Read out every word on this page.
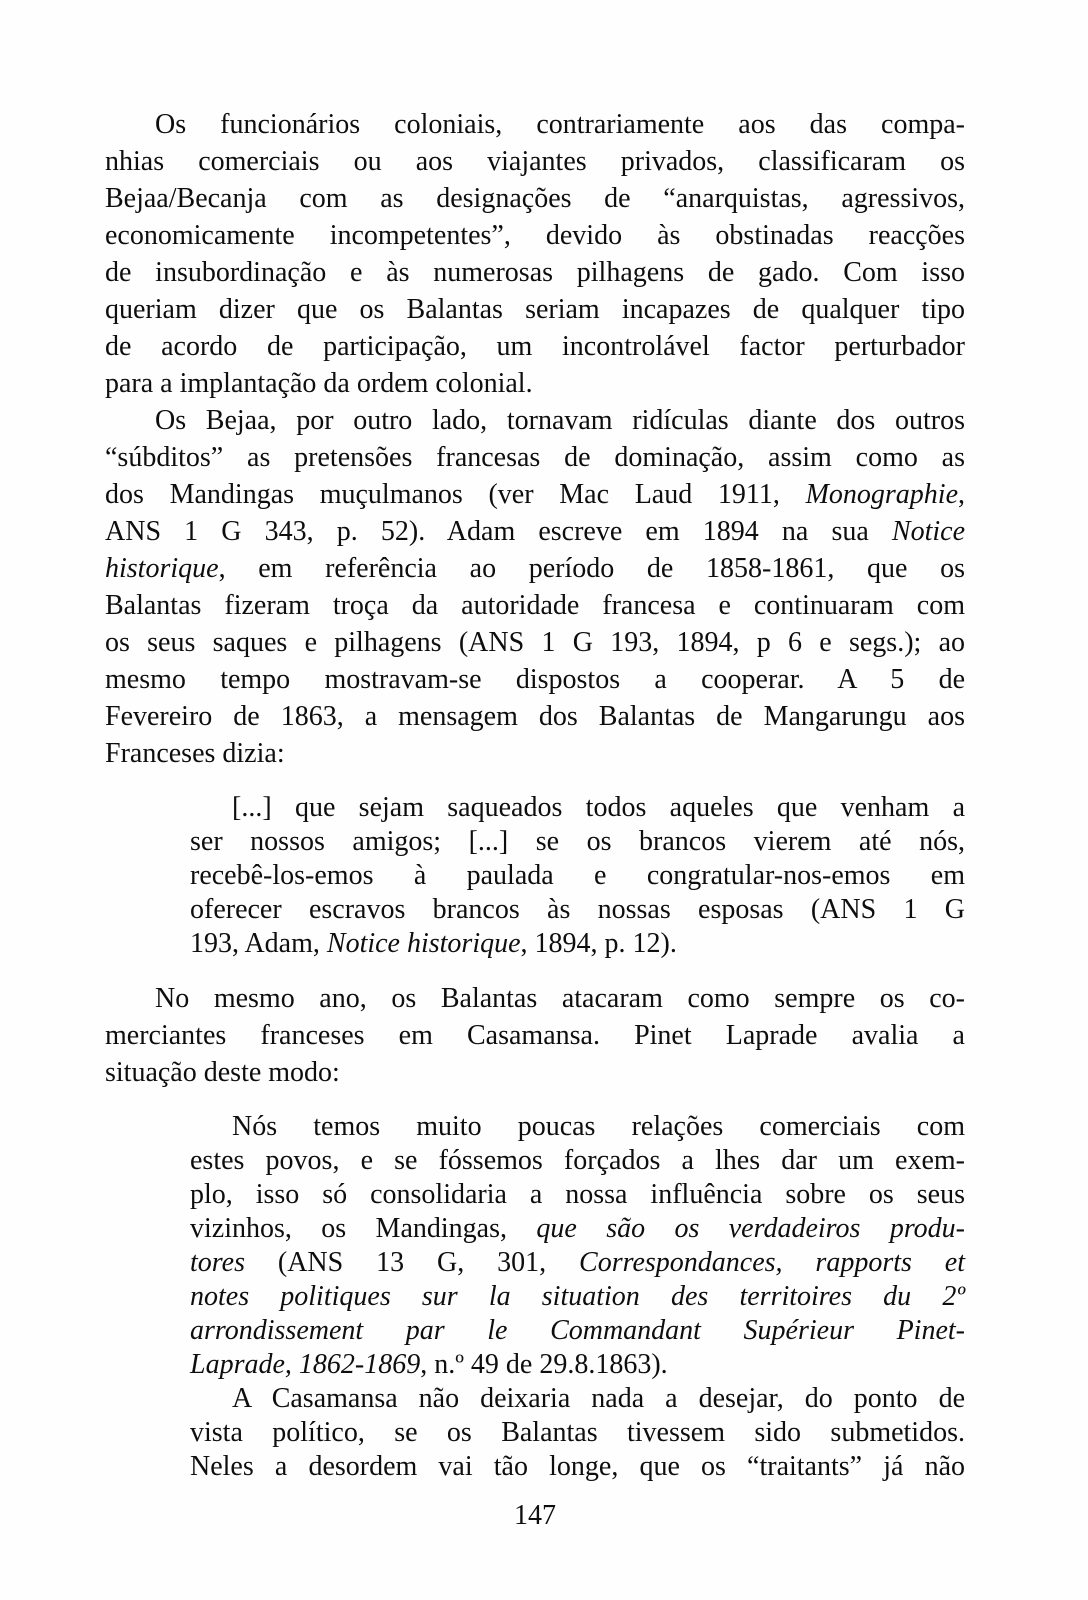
Os funcionários coloniais, contrariamente aos das compa-
nhias comerciais ou aos viajantes privados, classificaram os
Bejaa/Becanja com as designações de “anarquistas, agressivos,
economicamente incompetentes”, devido às obstinadas reacções
de insubordinação e às numerosas pilhagens de gado. Com isso
queriam dizer que os Balantas seriam incapazes de qualquer tipo
de acordo de participação, um incontrolável factor perturbador
para a implantação da ordem colonial.
Os Bejaa, por outro lado, tornavam ridículas diante dos outros
“súbditos” as pretensões francesas de dominação, assim como as
dos Mandingas muçulmanos (ver Mac Laud 1911, Monographie,
ANS 1 G 343, p. 52). Adam escreve em 1894 na sua Notice
historique, em referência ao período de 1858-1861, que os
Balantas fizeram troça da autoridade francesa e continuaram com
os seus saques e pilhagens (ANS 1 G 193, 1894, p 6 e segs.); ao
mesmo tempo mostravam-se dispostos a cooperar. A 5 de
Fevereiro de 1863, a mensagem dos Balantas de Mangarungu aos
Franceses dizia:
[...] que sejam saqueados todos aqueles que venham a
ser nossos amigos; [...] se os brancos vierem até nós,
recebê-los-emos à paulada e congratular-nos-emos em
oferecer escravos brancos às nossas esposas (ANS 1 G
193, Adam, Notice historique, 1894, p. 12).
No mesmo ano, os Balantas atacaram como sempre os co-
merciantes franceses em Casamansa. Pinet Laprade avalia a
situação deste modo:
Nós temos muito poucas relações comerciais com
estes povos, e se fóssemos forçados a lhes dar um exem-
plo, isso só consolidaria a nossa influência sobre os seus
vizinhos, os Mandingas, que são os verdadeiros produ-
tores (ANS 13 G, 301, Correspondances, rapports et
notes politiques sur la situation des territoires du 2º
arrondissement par le Commandant Supérieur Pinet-
Laprade, 1862-1869, n.º 49 de 29.8.1863).
A Casamansa não deixaria nada a desejar, do ponto de
vista político, se os Balantas tivessem sido submetidos.
Neles a desordem vai tão longe, que os “traitants” já não
147
